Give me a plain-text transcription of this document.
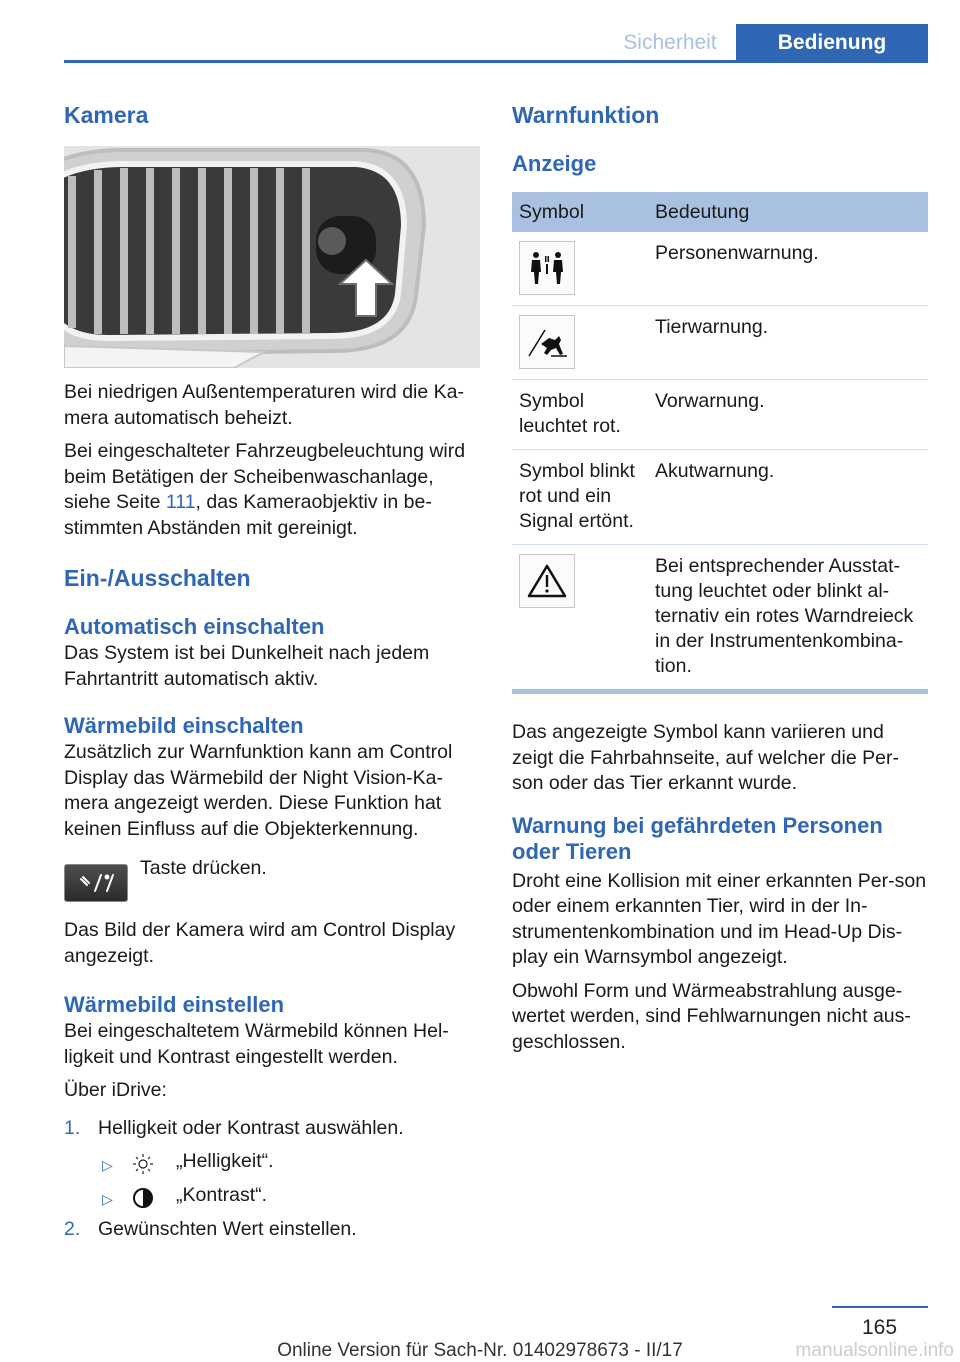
Sicherheit	Bedienung
Kamera
Bei niedrigen Außentemperaturen wird die Ka‐mera automatisch beheizt.
Bei eingeschalteter Fahrzeugbeleuchtung wird beim Betätigen der Scheibenwaschanlage, siehe Seite 111, das Kameraobjektiv in be‐stimmten Abständen mit gereinigt.
Ein-/Ausschalten
Automatisch einschalten
Das System ist bei Dunkelheit nach jedem Fahrtantritt automatisch aktiv.
Wärmebild einschalten
Zusätzlich zur Warnfunktion kann am Control Display das Wärmebild der Night Vision-Ka‐mera angezeigt werden. Diese Funktion hat keinen Einfluss auf die Objekterkennung.
Taste drücken.
Das Bild der Kamera wird am Control Display angezeigt.
Wärmebild einstellen
Bei eingeschaltetem Wärmebild können Hel‐ligkeit und Kontrast eingestellt werden.
Über iDrive:
1. Helligkeit oder Kontrast auswählen.
▷	„Helligkeit“.
▷	„Kontrast“.
2. Gewünschten Wert einstellen.
Warnfunktion
Anzeige
Symbol	Bedeutung

	Personenwarnung.

	Tierwarnung.
Symbol leuchtet rot.	Vorwarnung.
Symbol blinkt rot und ein Signal ertönt.	Akutwarnung.

	Bei entsprechender Ausstat‐tung leuchtet oder blinkt al‐ternativ ein rotes Warndreieck in der Instrumentenkombina‐tion.
Das angezeigte Symbol kann variieren und zeigt die Fahrbahnseite, auf welcher die Per‐son oder das Tier erkannt wurde.
Warnung bei gefährdeten Personen oder Tieren
Droht eine Kollision mit einer erkannten Per‐son oder einem erkannten Tier, wird in der In‐strumentenkombination und im Head-Up Dis‐play ein Warnsymbol angezeigt.
Obwohl Form und Wärmeabstrahlung ausge‐wertet werden, sind Fehlwarnungen nicht aus‐geschlossen.
165
Online Version für Sach-Nr. 01402978673 - II/17	manualsonline.info
